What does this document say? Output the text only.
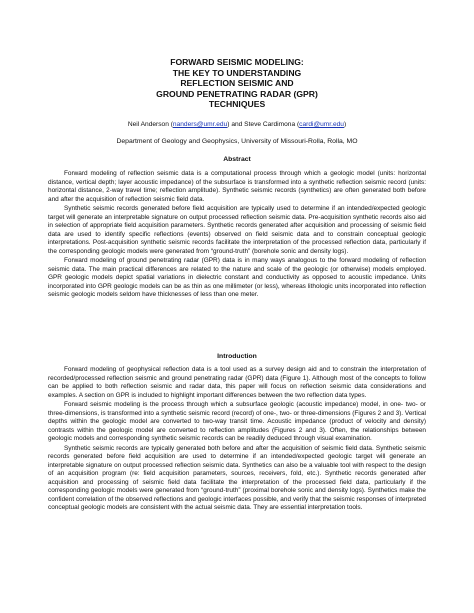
FORWARD SEISMIC MODELING:
THE KEY TO UNDERSTANDING
REFLECTION SEISMIC AND
GROUND PENETRATING RADAR (GPR)
TECHNIQUES
Neil Anderson (nanders@umr.edu) and Steve Cardimona (cardi@umr.edu)
Department of Geology and Geophysics, University of Missouri-Rolla, Rolla, MO
Abstract

Forward modeling of reflection seismic data is a computational process through which a geologic model (units: horizontal distance, vertical depth; layer acoustic impedance) of the subsurface is transformed into a synthetic reflection seismic record (units: horizontal distance, 2-way travel time; reflection amplitude). Synthetic seismic records (synthetics) are often generated both before and after the acquisition of reflection seismic field data.

Synthetic seismic records generated before field acquisition are typically used to determine if an intended/expected geologic target will generate an interpretable signature on output processed reflection seismic data. Pre-acquisition synthetic records also aid in selection of appropriate field acquisition parameters. Synthetic records generated after acquisition and processing of seismic field data are used to identify specific reflections (events) observed on field seismic data and to constrain conceptual geologic interpretations. Post-acquisition synthetic seismic records facilitate the interpretation of the processed reflection data, particularly if the corresponding geologic models were generated from “ground-truth” (borehole sonic and density logs).

Forward modeling of ground penetrating radar (GPR) data is in many ways analogous to the forward modeling of reflection seismic data. The main practical differences are related to the nature and scale of the geologic (or otherwise) models employed. GPR geologic models depict spatial variations in dielectric constant and conductivity as opposed to acoustic impedance. Units incorporated into GPR geologic models can be as thin as one millimeter (or less), whereas lithologic units incorporated into reflection seismic geologic models seldom have thicknesses of less than one meter.

Introduction

Forward modeling of geophysical reflection data is a tool used as a survey design aid and to constrain the interpretation of recorded/processed reflection seismic and ground penetrating radar (GPR) data (Figure 1). Although most of the concepts to follow can be applied to both reflection seismic and radar data, this paper will focus on reflection seismic data considerations and examples. A section on GPR is included to highlight important differences between the two reflection data types.

Forward seismic modeling is the process through which a subsurface geologic (acoustic impedance) model, in one- two- or three-dimensions, is transformed into a synthetic seismic record (record) of one-, two- or three-dimensions (Figures 2 and 3). Vertical depths within the geologic model are converted to two-way transit time. Acoustic impedance (product of velocity and density) contrasts within the geologic model are converted to reflection amplitudes (Figures 2 and 3). Often, the relationships between geologic models and corresponding synthetic seismic records can be readily deduced through visual examination.

Synthetic seismic records are typically generated both before and after the acquisition of seismic field data. Synthetic seismic records generated before field acquisition are used to determine if an intended/expected geologic target will generate an interpretable signature on output processed reflection seismic data. Synthetics can also be a valuable tool with respect to the design of an acquisition program (re: field acquisition parameters, sources, receivers, fold, etc.). Synthetic records generated after acquisition and processing of seismic field data facilitate the interpretation of the processed field data, particularly if the corresponding geologic models were generated from “ground-truth” (proximal borehole sonic and density logs). Synthetics make the confident correlation of the observed reflections and geologic interfaces possible, and verify that the seismic responses of interpreted conceptual geologic models are consistent with the actual seismic data. They are essential interpretation tools.
